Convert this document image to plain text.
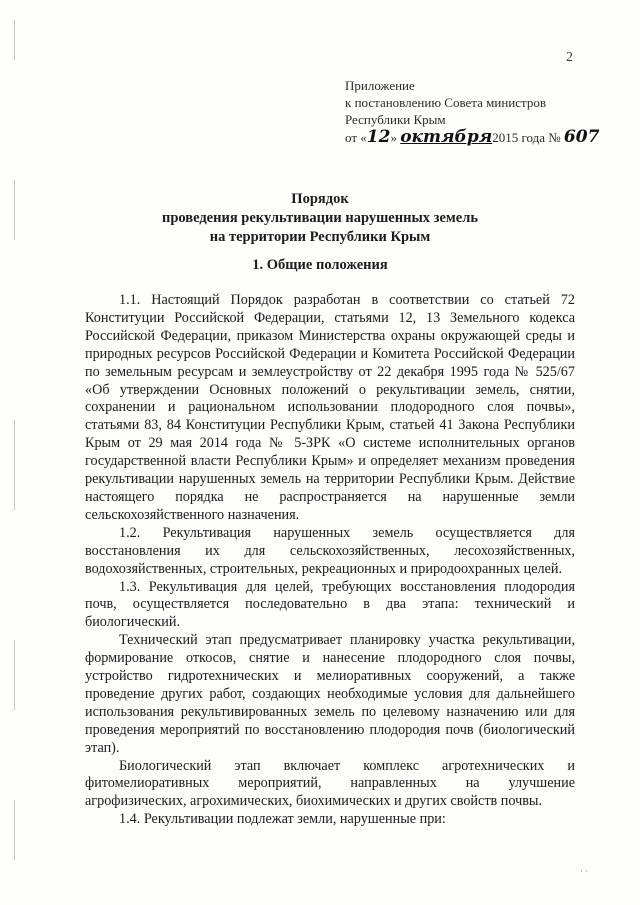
2
Приложение
к постановлению Совета министров
Республики Крым
от «12» октября2015 года № 607
Порядок
проведения рекультивации нарушенных земель
на территории Республики Крым
1. Общие положения

1.1. Настоящий Порядок разработан в соответствии со статьей 72 Конституции Российской Федерации, статьями 12, 13 Земельного кодекса Российской Федерации, приказом Министерства охраны окружающей среды и природных ресурсов Российской Федерации и Комитета Российской Федерации по земельным ресурсам и землеустройству от 22 декабря 1995 года № 525/67 «Об утверждении Основных положений о рекультивации земель, снятии, сохранении и рациональном использовании плодородного слоя почвы», статьями 83, 84 Конституции Республики Крым, статьей 41 Закона Республики Крым от 29 мая 2014 года № 5-ЗРК «О системе исполнительных органов государственной власти Республики Крым» и определяет механизм проведения рекультивации нарушенных земель на территории Республики Крым. Действие настоящего порядка не распространяется на нарушенные земли сельскохозяйственного назначения.

1.2. Рекультивация нарушенных земель осуществляется для восстановления их для сельскохозяйственных, лесохозяйственных, водохозяйственных, строительных, рекреационных и природоохранных целей.

1.3. Рекультивация для целей, требующих восстановления плодородия почв, осуществляется последовательно в два этапа: технический и биологический.

Технический этап предусматривает планировку участка рекультивации, формирование откосов, снятие и нанесение плодородного слоя почвы, устройство гидротехнических и мелиоративных сооружений, а также проведение других работ, создающих необходимые условия для дальнейшего использования рекультивированных земель по целевому назначению или для проведения мероприятий по восстановлению плодородия почв (биологический этап).

Биологический этап включает комплекс агротехнических и фитомелиоративных мероприятий, направленных на улучшение агрофизических, агрохимических, биохимических и других свойств почвы.

1.4. Рекультивации подлежат земли, нарушенные при:

· ·
